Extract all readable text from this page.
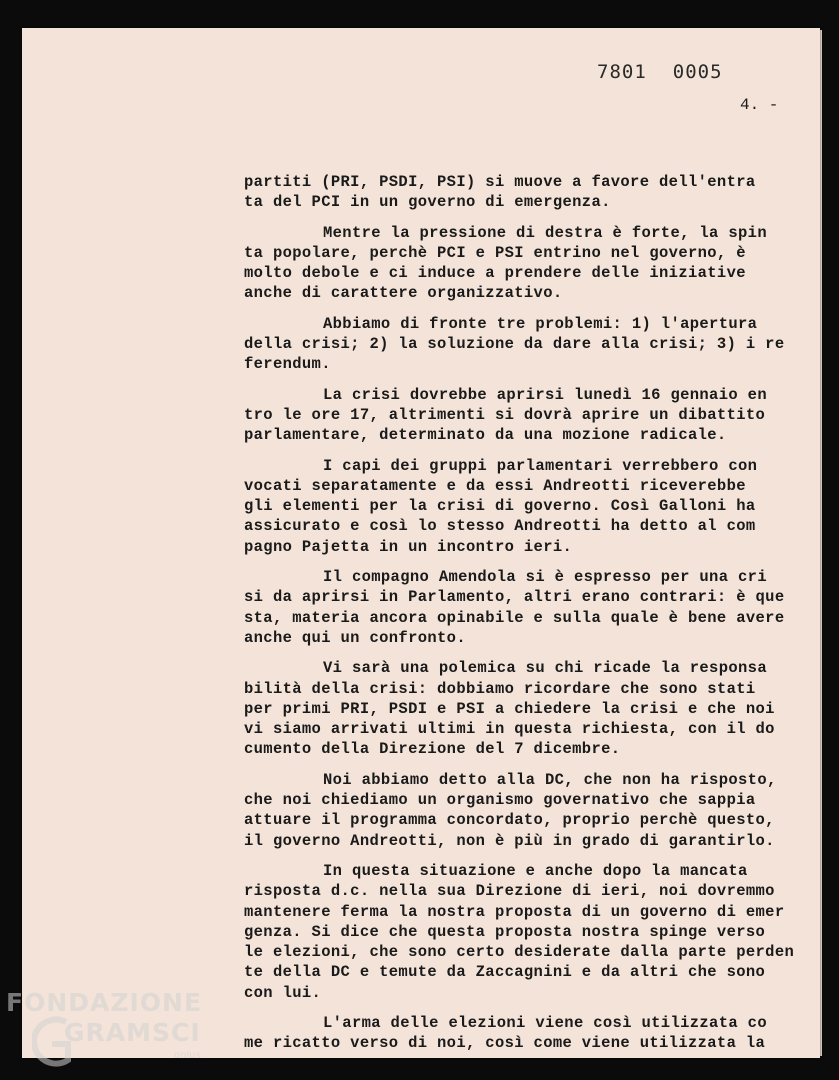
7801 0005
4. -
partiti (PRI, PSDI, PSI) si muove a favore dell'entra
ta del PCI in un governo di emergenza.
Mentre la pressione di destra è forte, la spin
ta popolare, perchè PCI e PSI entrino nel governo, è
molto debole e ci induce a prendere delle iniziative
anche di carattere organizzativo.
Abbiamo di fronte tre problemi: 1) l'apertura
della crisi; 2) la soluzione da dare alla crisi; 3) i re
ferendum.
La crisi dovrebbe aprirsi lunedì 16 gennaio en
tro le ore 17, altrimenti si dovrà aprire un dibattito
parlamentare, determinato da una mozione radicale.
I capi dei gruppi parlamentari verrebbero con
vocati separatamente e da essi Andreotti riceverebbe
gli elementi per la crisi di governo. Così Galloni ha
assicurato e così lo stesso Andreotti ha detto al com
pagno Pajetta in un incontro ieri.
Il compagno Amendola si è espresso per una cri
si da aprirsi in Parlamento, altri erano contrari: è que
sta, materia ancora opinabile e sulla quale è bene avere
anche qui un confronto.
Vi sarà una polemica su chi ricade la responsa
bilità della crisi: dobbiamo ricordare che sono stati
per primi PRI, PSDI e PSI a chiedere la crisi e che noi
vi siamo arrivati ultimi in questa richiesta, con il do
cumento della Direzione del 7 dicembre.
Noi abbiamo detto alla DC, che non ha risposto,
che noi chiediamo un organismo governativo che sappia
attuare il programma concordato, proprio perchè questo,
il governo Andreotti, non è più in grado di garantirlo.
In questa situazione e anche dopo la mancata
risposta d.c. nella sua Direzione di ieri, noi dovremmo
mantenere ferma la nostra proposta di un governo di emer
genza. Si dice che questa proposta nostra spinge verso
le elezioni, che sono certo desiderate dalla parte perden
te della DC e temute da Zaccagnini e da altri che sono
con lui.
L'arma delle elezioni viene così utilizzata co
me ricatto verso di noi, così come viene utilizzata la
FONDAZIONE
GRAMSCI
onlus
